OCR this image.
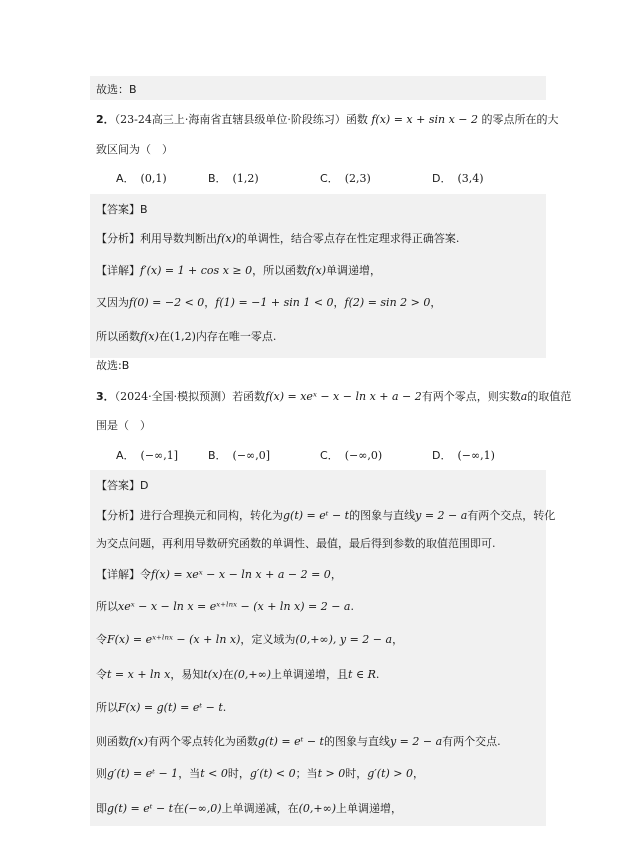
故选：B
2．（23-24高三上·海南省直辖县级单位·阶段练习）函数 f(x) = x + sin x − 2 的零点所在的大
致区间为（　）
A． (0,1)	B． (1,2)	C． (2,3)	D． (3,4)
【答案】B
【分析】利用导数判断出f(x)的单调性，结合零点存在性定理求得正确答案.
【详解】f′(x) = 1 + cos x ≥ 0，所以函数f(x)单调递增，
又因为f(0) = −2 < 0，f(1) = −1 + sin 1 < 0，f(2) = sin 2 > 0，
所以函数f(x)在(1,2)内存在唯一零点.
故选:B
3．（2024·全国·模拟预测）若函数f(x) = xeˣ − x − ln x + a − 2有两个零点，则实数a的取值范
围是（　）
A． (−∞,1]	B． (−∞,0]	C． (−∞,0)	D． (−∞,1)
【答案】D
【分析】进行合理换元和同构，转化为g(t) = eᵗ − t的图象与直线y = 2 − a有两个交点，转化
为交点问题，再利用导数研究函数的单调性、最值，最后得到参数的取值范围即可.
【详解】令f(x) = xeˣ − x − ln x + a − 2 = 0，
所以xeˣ − x − ln x = eˣ⁺ˡⁿˣ − (x + ln x) = 2 − a.
令F(x) = eˣ⁺ˡⁿˣ − (x + ln x)，定义域为(0,+∞), y = 2 − a，
令t = x + ln x，易知t(x)在(0,+∞)上单调递增，且t ∈ R.
所以F(x) = g(t) = eᵗ − t.
则函数f(x)有两个零点转化为函数g(t) = eᵗ − t的图象与直线y = 2 − a有两个交点.
则g′(t) = eᵗ − 1，当t < 0时，g′(t) < 0；当t > 0时，g′(t) > 0，
即g(t) = eᵗ − t在(−∞,0)上单调递减，在(0,+∞)上单调递增，
